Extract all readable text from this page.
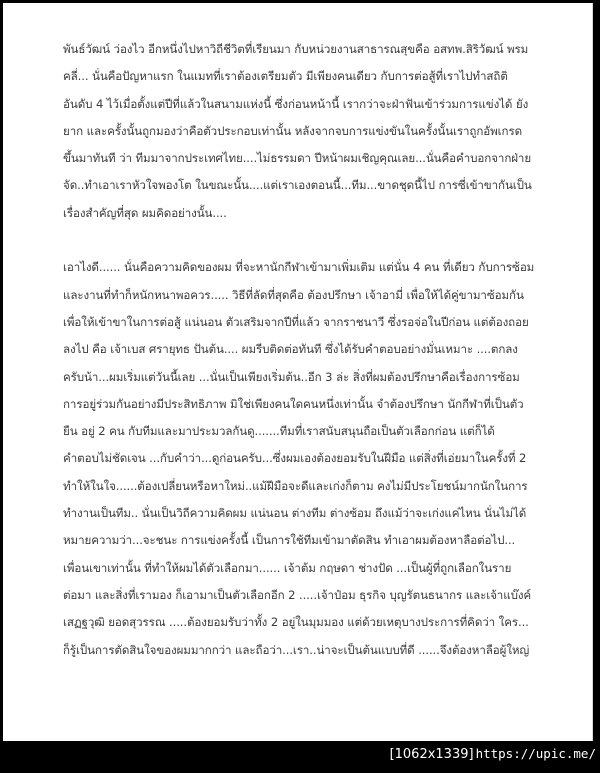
พันธ์วัฒน์ ว่องไว อีกหนึ่งไปหาวิถีชีวิตที่เรียนมา กับหน่วยงานสาธารณสุขคือ อสทพ.สิริวัฒน์ พรม
คลี่... นั่นคือปัญหาแรก ในแมทที่เราต้องเตรียมตัว มีเพียงคนเดียว กับการต่อสู้ที่เราไปทำสถิติ
อันดับ 4 ไว้เมื่อตั้งแต่ปีที่แล้วในสนามแห่งนี้ ซึ่งก่อนหน้านี้ เรากว่าจะฝ่าฟันเข้าร่วมการแข่งได้ ยัง
ยาก และครั้งนั้นถูกมองว่าคือตัวประกอบเท่านั้น หลังจากจบการแข่งขันในครั้งนั้นเราถูกอัพเกรด
ขึ้นมาทันที ว่า ทีมมาจากประเทศไทย....ไม่ธรรมดา ปีหน้าผมเชิญคุณเลย...นั่นคือคำบอกจากฝ่าย
จัด..ทำเอาเราหัวใจพองโต ในขณะนั้น....แต่เราเองตอนนี้...ทีม...ขาดชุดนี้ไป การซี่เข้าขากันเป็น
เรื่องสำคัญที่สุด ผมคิดอย่างนั้น....
เอาไงดี...... นั่นคือความคิดของผม ที่จะหานักกีฬาเข้ามาเพิ่มเติม แต่นั่น 4 คน ที่เดียว กับการซ้อม
และงานที่ทำก็หนักหนาพอควร..... วิธีที่ลัดที่สุดคือ ต้องปรึกษา เจ้าอามี่ เพื่อให้ได้คู่ขามาซ้อมกัน
เพื่อให้เข้าขาในการต่อสู้ แน่นอน ตัวเสริมจากปีที่แล้ว จากราชนาวี ซึ่งรอจ่อในปีก่อน แต่ต้องถอย
ลงไป คือ เจ้าเบส ศรายุทธ ปันต้น.... ผมรีบติดต่อทันที ซึ่งได้รับคำตอบอย่างมั่นเหมาะ ....ตกลง
ครับน้า...ผมเริ่มแต่วันนี้เลย ...นั่นเป็นเพียงเริ่มต้น..อีก 3 ล่ะ สิ่งที่ผมต้องปรึกษาคือเรื่องการซ้อม
การอยู่ร่วมกันอย่างมีประสิทธิภาพ มิใช่เพียงคนใดคนหนึ่งเท่านั้น จำต้องปรึกษา นักกีฬาที่เป็นตัว
ยืน อยู่ 2 คน กับทีมและมาประมวลกันดู.......ทีมที่เราสนับสนุนถือเป็นตัวเลือกก่อน แต่ก็ได้
คำตอบไม่ชัดเจน ...กับคำว่า...ดูก่อนครับ...ซึ่งผมเองต้องยอมรับในฝีมือ แต่สิ่งที่เอ่ยมาในครั้งที่ 2
ทำให้ในใจ......ต้องเปลี่ยนหรือหาใหม่..แม้ฝีมือจะดีและเก่งก็ตาม คงไม่มีประโยชน์มากนักในการ
ทำงานเป็นทีม.. นั่นเป็นวิถีความคิดผม แน่นอน ต่างทีม ต่างซ้อม ถึงแม้ว่าจะเก่งแค่ไหน นั่นไม่ได้
หมายความว่า...จะชนะ การแข่งครั้งนี้ เป็นการใช้ทีมเข้ามาตัดสิน ทำเอาผมต้องหาลือต่อไป...
เพื่อนเขาเท่านั้น ที่ทำให้ผมได้ตัวเลือกมา...... เจ้าต้ม กฤษดา ช่างปัด ...เป็นผู้ที่ถูกเลือกในราย
ต่อมา และสิ่งที่เรามอง ก็เอามาเป็นตัวเลือกอีก 2 .....เจ้าป๋อม ธุรกิจ บุญรัตนธนากร และเจ้าแบ๊งค์
เสฏฐวุฒิ ยอดสุวรรณ .....ต้องยอมรับว่าทั้ง 2 อยู่ในมุมมอง แต่ด้วยเหตุบางประการที่คิดว่า ใคร...
ก็รู้เป็นการตัดสินใจของผมมากกว่า และถือว่า...เรา..น่าจะเป็นต้นแบบที่ดี ......จึงต้องหาลือผู้ใหญ่
[1062x1339] https://upic.me/
